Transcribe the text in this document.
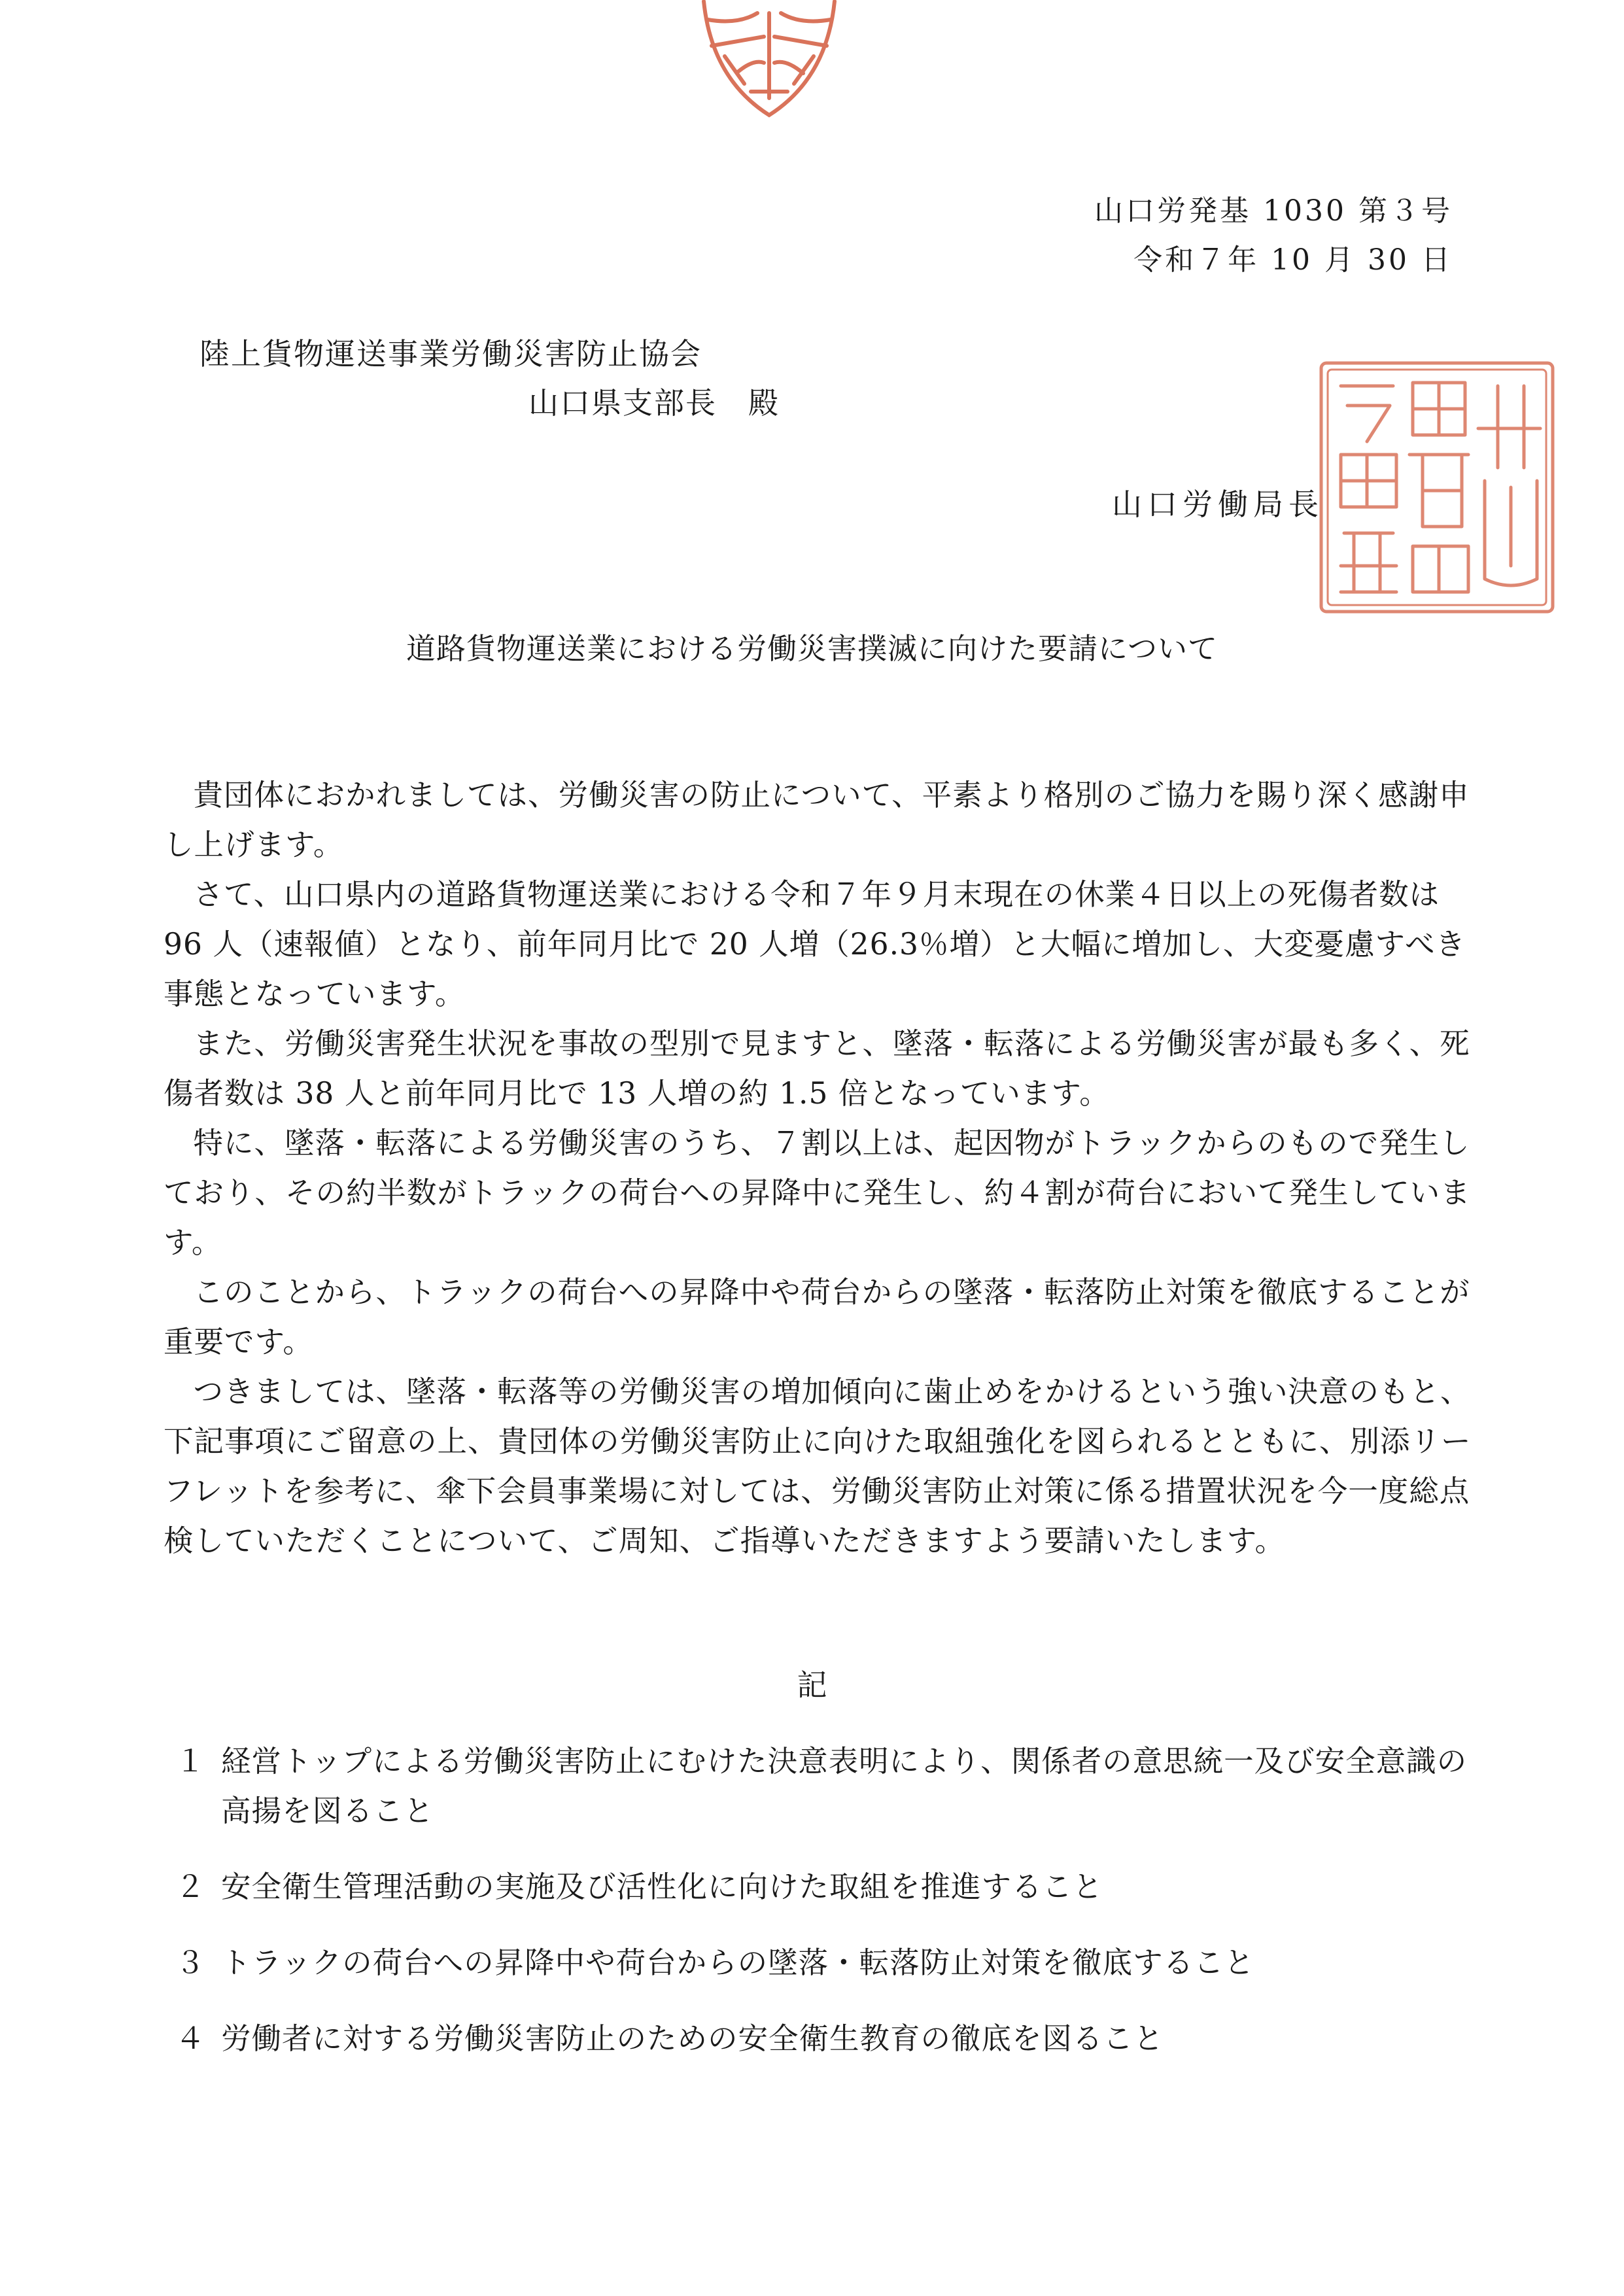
山口労発基 1030 第３号
令和７年 10 月 30 日
陸上貨物運送事業労働災害防止協会
山口県支部長　殿
山口労働局長
道路貨物運送業における労働災害撲滅に向けた要請について

貴団体におかれましては、労働災害の防止について、平素より格別のご協力を賜り深く感謝申し上げます。

さて、山口県内の道路貨物運送業における令和７年９月末現在の休業４日以上の死傷者数は 96 人（速報値）となり、前年同月比で 20 人増（26.3％増）と大幅に増加し、大変憂慮すべき事態となっています。

また、労働災害発生状況を事故の型別で見ますと、墜落・転落による労働災害が最も多く、死傷者数は 38 人と前年同月比で 13 人増の約 1.5 倍となっています。

特に、墜落・転落による労働災害のうち、７割以上は、起因物がトラックからのもので発生しており、その約半数がトラックの荷台への昇降中に発生し、約４割が荷台において発生しています。

このことから、トラックの荷台への昇降中や荷台からの墜落・転落防止対策を徹底することが重要です。

つきましては、墜落・転落等の労働災害の増加傾向に歯止めをかけるという強い決意のもと、下記事項にご留意の上、貴団体の労働災害防止に向けた取組強化を図られるとともに、別添リーフレットを参考に、傘下会員事業場に対しては、労働災害防止対策に係る措置状況を今一度総点検していただくことについて、ご周知、ご指導いただきますよう要請いたします。

記
１ 経営トップによる労働災害防止にむけた決意表明により、関係者の意思統一及び安全意識の高揚を図ること
２ 安全衛生管理活動の実施及び活性化に向けた取組を推進すること
３ トラックの荷台への昇降中や荷台からの墜落・転落防止対策を徹底すること
４ 労働者に対する労働災害防止のための安全衛生教育の徹底を図ること
